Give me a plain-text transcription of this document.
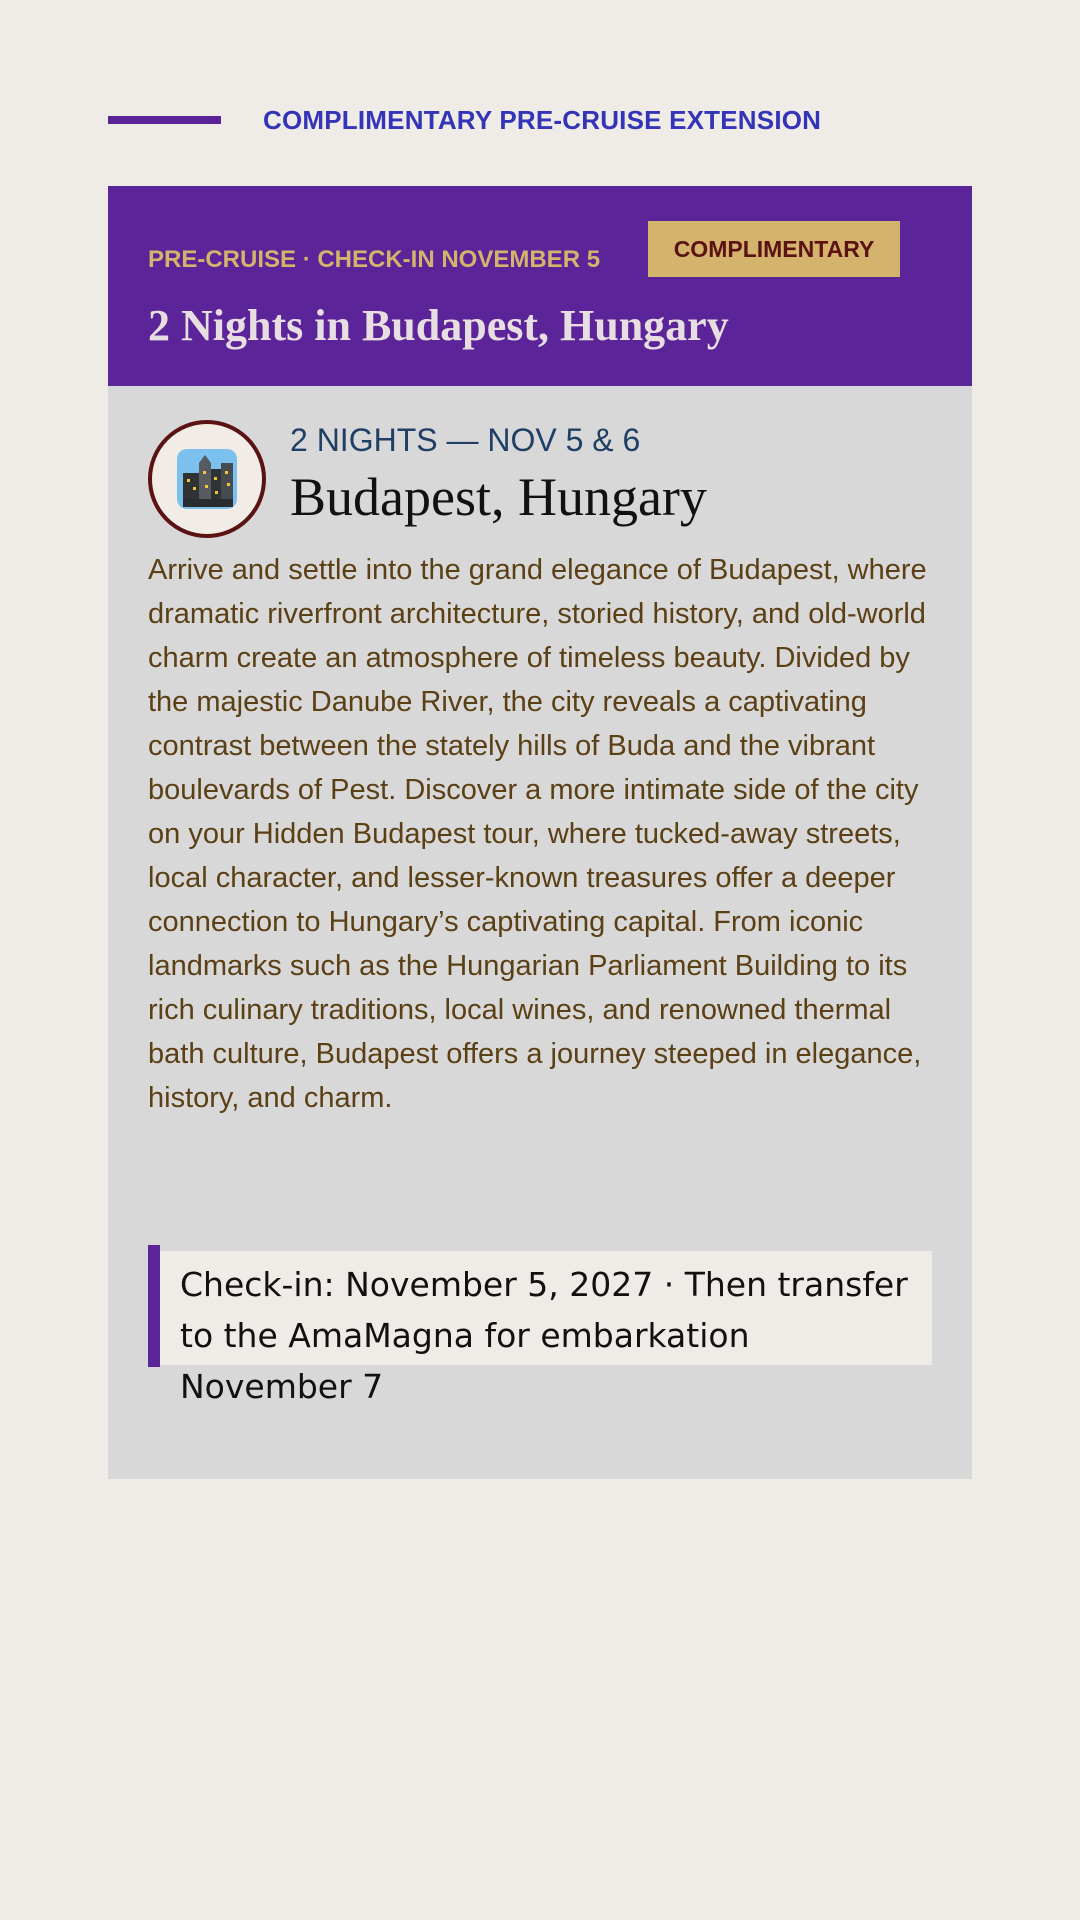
COMPLIMENTARY PRE-CRUISE EXTENSION
PRE-CRUISE · CHECK-IN NOVEMBER 5	COMPLIMENTARY
2 Nights in Budapest, Hungary
2 NIGHTS — NOV 5 & 6
Budapest, Hungary
Arrive and settle into the grand elegance of Budapest, where dramatic riverfront architecture, storied history, and old-world charm create an atmosphere of timeless beauty. Divided by the majestic Danube River, the city reveals a captivating contrast between the stately hills of Buda and the vibrant boulevards of Pest. Discover a more intimate side of the city on your Hidden Budapest tour, where tucked-away streets, local character, and lesser-known treasures offer a deeper connection to Hungary’s captivating capital. From iconic landmarks such as the Hungarian Parliament Building to its rich culinary traditions, local wines, and renowned thermal bath culture, Budapest offers a journey steeped in elegance, history, and charm.
Check-in: November 5, 2027 · Then transfer to the AmaMagna for embarkation November 7
